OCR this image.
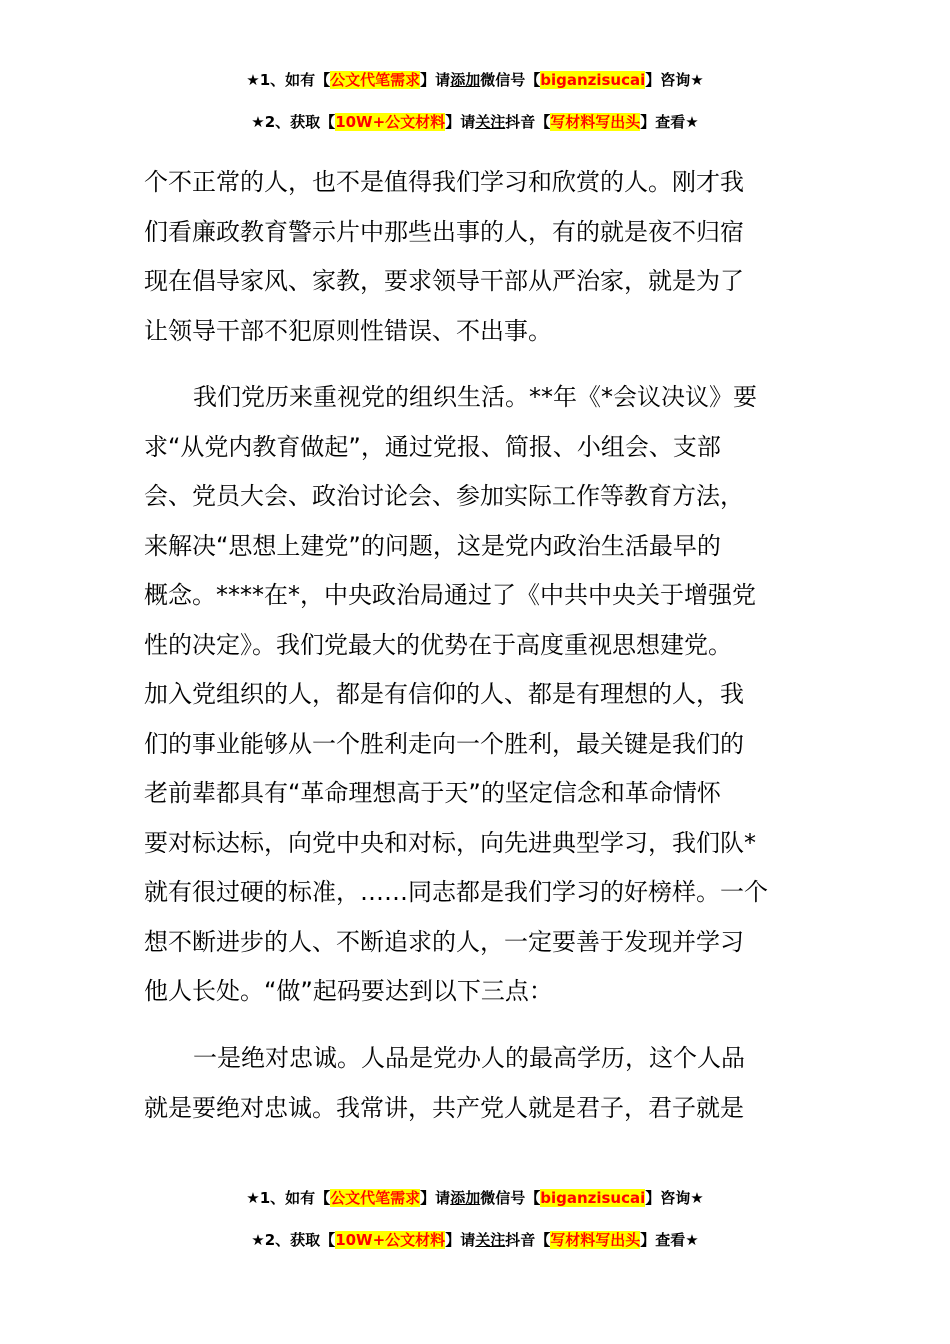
★1、如有【公文代笔需求】请添加微信号【biganzisucai】咨询★
★2、获取【10W+公文材料】请关注抖音【写材料写出头】查看★
个不正常的人，也不是值得我们学习和欣赏的人。刚才我
们看廉政教育警示片中那些出事的人，有的就是夜不归宿
现在倡导家风、家教，要求领导干部从严治家，就是为了
让领导干部不犯原则性错误、不出事。
我们党历来重视党的组织生活。**年《*会议决议》要
求“从党内教育做起”，通过党报、简报、小组会、支部
会、党员大会、政治讨论会、参加实际工作等教育方法，
来解决“思想上建党”的问题，这是党内政治生活最早的
概念。****在*，中央政治局通过了《中共中央关于增强党
性的决定》。我们党最大的优势在于高度重视思想建党。
加入党组织的人，都是有信仰的人、都是有理想的人，我
们的事业能够从一个胜利走向一个胜利，最关键是我们的
老前辈都具有“革命理想高于天”的坚定信念和革命情怀
要对标达标，向党中央和对标，向先进典型学习，我们队*
就有很过硬的标准，……同志都是我们学习的好榜样。一个
想不断进步的人、不断追求的人，一定要善于发现并学习
他人长处。“做”起码要达到以下三点：
一是绝对忠诚。人品是党办人的最高学历，这个人品
就是要绝对忠诚。我常讲，共产党人就是君子，君子就是
★1、如有【公文代笔需求】请添加微信号【biganzisucai】咨询★
★2、获取【10W+公文材料】请关注抖音【写材料写出头】查看★
